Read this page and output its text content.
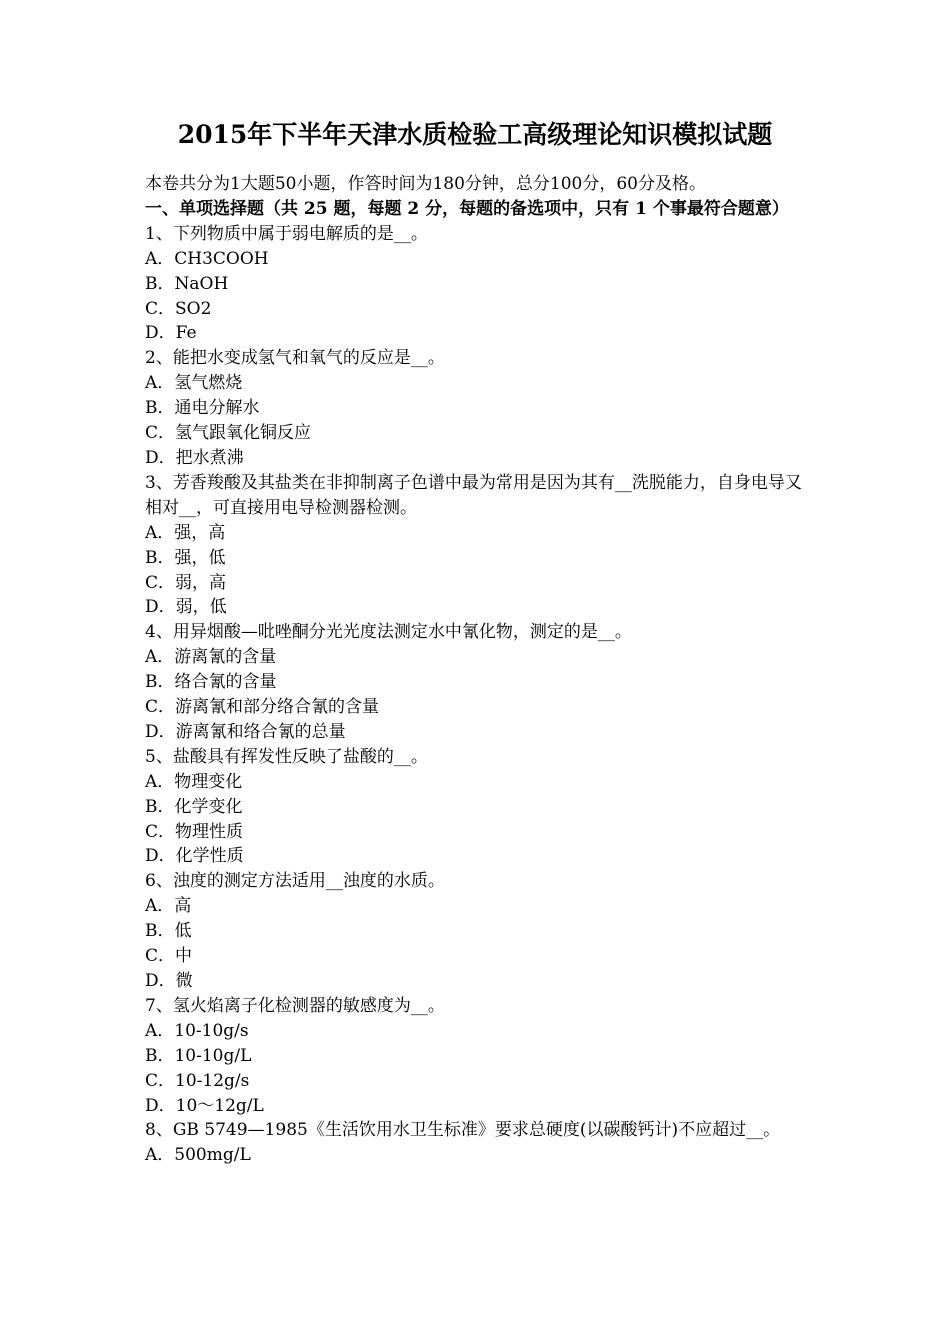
2015年下半年天津水质检验工高级理论知识模拟试题
本卷共分为1大题50小题，作答时间为180分钟，总分100分，60分及格。
一、单项选择题（共 25 题，每题 2 分，每题的备选项中，只有 1 个事最符合题意）
1、下列物质中属于弱电解质的是__。
A．CH3COOH
B．NaOH
C．SO2
D．Fe
2、能把水变成氢气和氧气的反应是__。
A．氢气燃烧
B．通电分解水
C．氢气跟氧化铜反应
D．把水煮沸
3、芳香羧酸及其盐类在非抑制离子色谱中最为常用是因为其有__洗脱能力，自身电导又相对__，可直接用电导检测器检测。
A．强，高
B．强，低
C．弱，高
D．弱，低
4、用异烟酸—吡唑酮分光光度法测定水中氰化物，测定的是__。
A．游离氰的含量
B．络合氰的含量
C．游离氰和部分络合氰的含量
D．游离氰和络合氰的总量
5、盐酸具有挥发性反映了盐酸的__。
A．物理变化
B．化学变化
C．物理性质
D．化学性质
6、浊度的测定方法适用__浊度的水质。
A．高
B．低
C．中
D．微
7、氢火焰离子化检测器的敏感度为__。
A．10-10g/s
B．10-10g/L
C．10-12g/s
D．10～12g/L
8、GB 5749—1985《生活饮用水卫生标准》要求总硬度(以碳酸钙计)不应超过__。
A．500mg/L
